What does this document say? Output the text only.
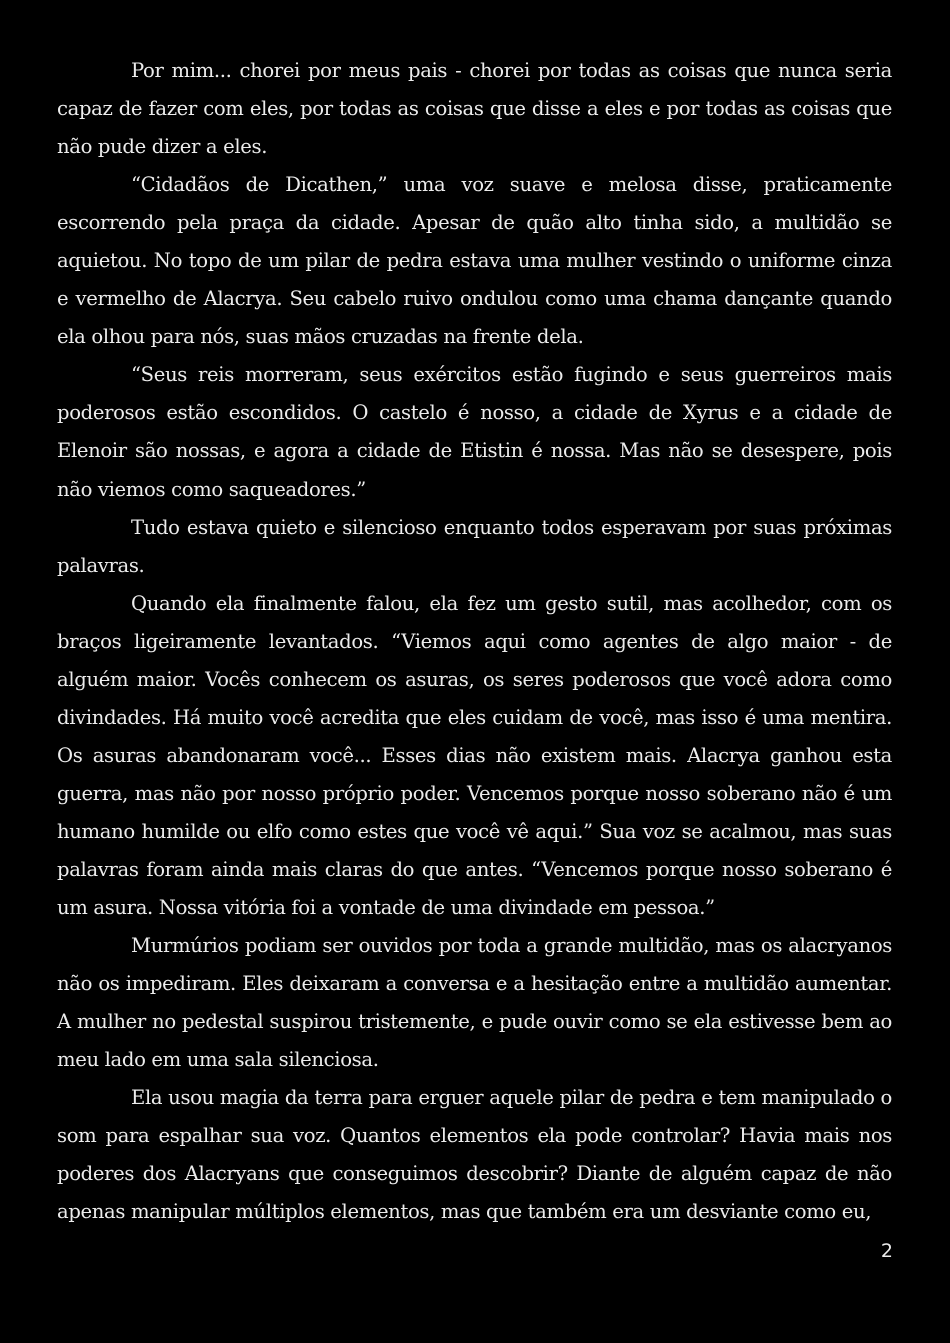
Por mim... chorei por meus pais - chorei por todas as coisas que nunca seria capaz de fazer com eles, por todas as coisas que disse a eles e por todas as coisas que não pude dizer a eles.

“Cidadãos de Dicathen,” uma voz suave e melosa disse, praticamente escorrendo pela praça da cidade. Apesar de quão alto tinha sido, a multidão se aquietou. No topo de um pilar de pedra estava uma mulher vestindo o uniforme cinza e vermelho de Alacrya. Seu cabelo ruivo ondulou como uma chama dançante quando ela olhou para nós, suas mãos cruzadas na frente dela.

“Seus reis morreram, seus exércitos estão fugindo e seus guerreiros mais poderosos estão escondidos. O castelo é nosso, a cidade de Xyrus e a cidade de Elenoir são nossas, e agora a cidade de Etistin é nossa. Mas não se desespere, pois não viemos como saqueadores.”

Tudo estava quieto e silencioso enquanto todos esperavam por suas próximas palavras.

Quando ela finalmente falou, ela fez um gesto sutil, mas acolhedor, com os braços ligeiramente levantados. “Viemos aqui como agentes de algo maior - de alguém maior. Vocês conhecem os asuras, os seres poderosos que você adora como divindades. Há muito você acredita que eles cuidam de você, mas isso é uma mentira. Os asuras abandonaram você... Esses dias não existem mais. Alacrya ganhou esta guerra, mas não por nosso próprio poder. Vencemos porque nosso soberano não é um humano humilde ou elfo como estes que você vê aqui.” Sua voz se acalmou, mas suas palavras foram ainda mais claras do que antes. “Vencemos porque nosso soberano é um asura. Nossa vitória foi a vontade de uma divindade em pessoa.”

Murmúrios podiam ser ouvidos por toda a grande multidão, mas os alacryanos não os impediram. Eles deixaram a conversa e a hesitação entre a multidão aumentar. A mulher no pedestal suspirou tristemente, e pude ouvir como se ela estivesse bem ao meu lado em uma sala silenciosa.

Ela usou magia da terra para erguer aquele pilar de pedra e tem manipulado o som para espalhar sua voz. Quantos elementos ela pode controlar? Havia mais nos poderes dos Alacryans que conseguimos descobrir? Diante de alguém capaz de não apenas manipular múltiplos elementos, mas que também era um desviante como eu,

2
